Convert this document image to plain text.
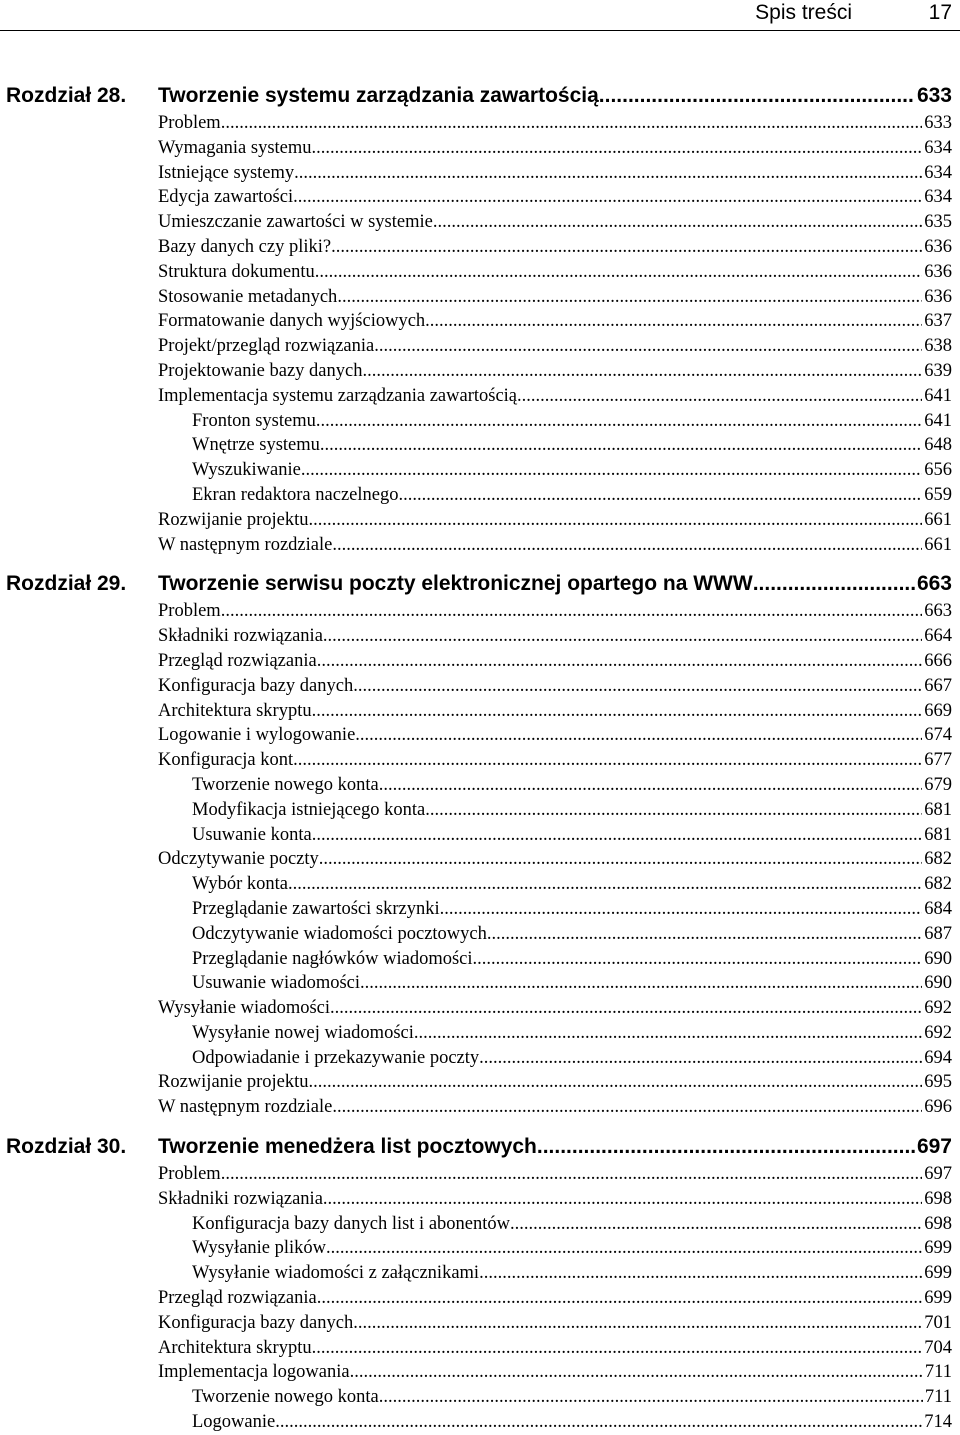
Spis treści	17
Rozdział 28. Tworzenie systemu zarządzania zawartością .....	633
Problem .....	633
Wymagania systemu .....	634
Istniejące systemy .....	634
Edycja zawartości .....	634
Umieszczanie zawartości w systemie .....	635
Bazy danych czy pliki? .....	636
Struktura dokumentu .....	636
Stosowanie metadanych .....	636
Formatowanie danych wyjściowych .....	637
Projekt/przegląd rozwiązania .....	638
Projektowanie bazy danych .....	639
Implementacja systemu zarządzania zawartością .....	641
Fronton systemu .....	641
Wnętrze systemu .....	648
Wyszukiwanie .....	656
Ekran redaktora naczelnego .....	659
Rozwijanie projektu .....	661
W następnym rozdziale .....	661
Rozdział 29. Tworzenie serwisu poczty elektronicznej opartego na WWW .....	663
Problem .....	663
Składniki rozwiązania .....	664
Przegląd rozwiązania .....	666
Konfiguracja bazy danych .....	667
Architektura skryptu .....	669
Logowanie i wylogowanie .....	674
Konfiguracja kont .....	677
Tworzenie nowego konta .....	679
Modyfikacja istniejącego konta .....	681
Usuwanie konta .....	681
Odczytywanie poczty .....	682
Wybór konta .....	682
Przeglądanie zawartości skrzynki .....	684
Odczytywanie wiadomości pocztowych .....	687
Przeglądanie nagłówków wiadomości .....	690
Usuwanie wiadomości .....	690
Wysyłanie wiadomości .....	692
Wysyłanie nowej wiadomości .....	692
Odpowiadanie i przekazywanie poczty .....	694
Rozwijanie projektu .....	695
W następnym rozdziale .....	696
Rozdział 30. Tworzenie menedżera list pocztowych .....	697
Problem .....	697
Składniki rozwiązania .....	698
Konfiguracja bazy danych list i abonentów .....	698
Wysyłanie plików .....	699
Wysyłanie wiadomości z załącznikami .....	699
Przegląd rozwiązania .....	699
Konfiguracja bazy danych .....	701
Architektura skryptu .....	704
Implementacja logowania .....	711
Tworzenie nowego konta .....	711
Logowanie .....	714
